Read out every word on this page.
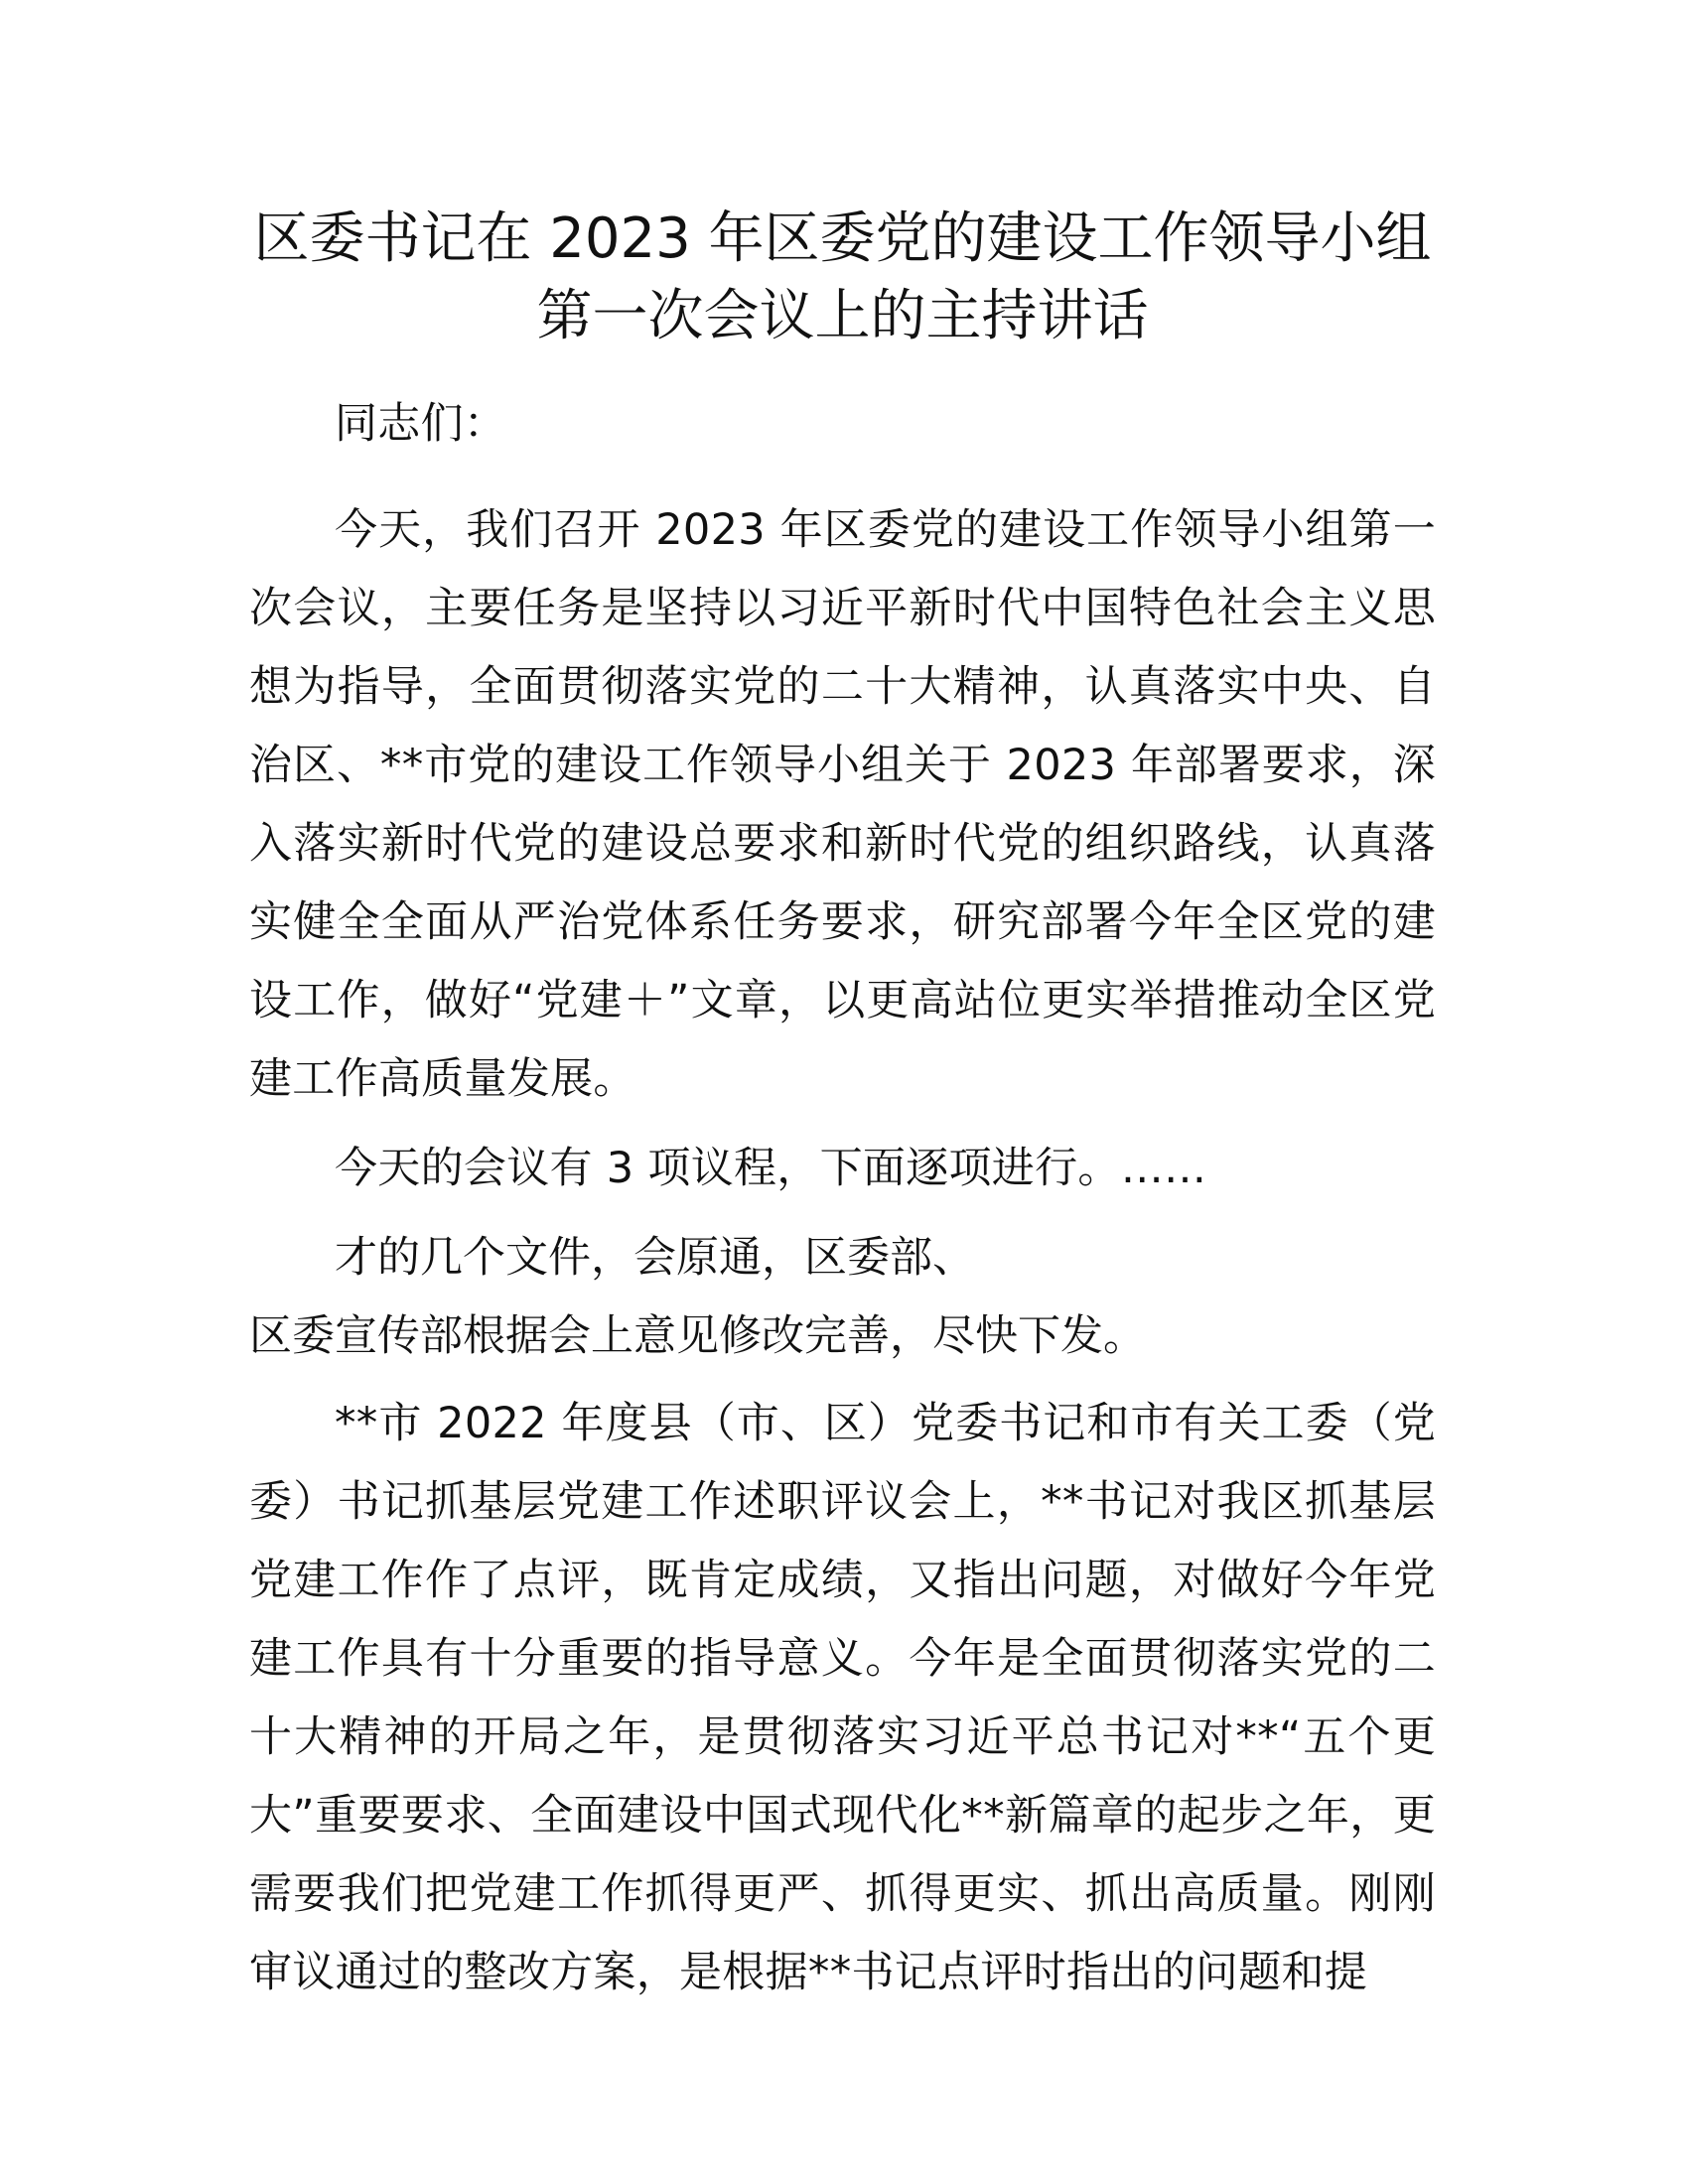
区委书记在 2023 年区委党的建设工作领导小组
第一次会议上的主持讲话

同志们：

今天，我们召开 2023 年区委党的建设工作领导小组第一次会议，主要任务是坚持以习近平新时代中国特色社会主义思想为指导，全面贯彻落实党的二十大精神，认真落实中央、自治区、**市党的建设工作领导小组关于 2023 年部署要求，深入落实新时代党的建设总要求和新时代党的组织路线，认真落实健全全面从严治党体系任务要求，研究部署今年全区党的建设工作，做好“党建＋”文章，以更高站位更实举措推动全区党建工作高质量发展。

今天的会议有 3 项议程，下面逐项进行。……

才的几个文件，会原通，区委部、
区委宣传部根据会上意见修改完善，尽快下发。

**市 2022 年度县（市、区）党委书记和市有关工委（党委）书记抓基层党建工作述职评议会上，**书记对我区抓基层党建工作作了点评，既肯定成绩，又指出问题，对做好今年党建工作具有十分重要的指导意义。今年是全面贯彻落实党的二十大精神的开局之年，是贯彻落实习近平总书记对**“五个更大”重要要求、全面建设中国式现代化**新篇章的起步之年，更需要我们把党建工作抓得更严、抓得更实、抓出高质量。刚刚审议通过的整改方案，是根据**书记点评时指出的问题和提
